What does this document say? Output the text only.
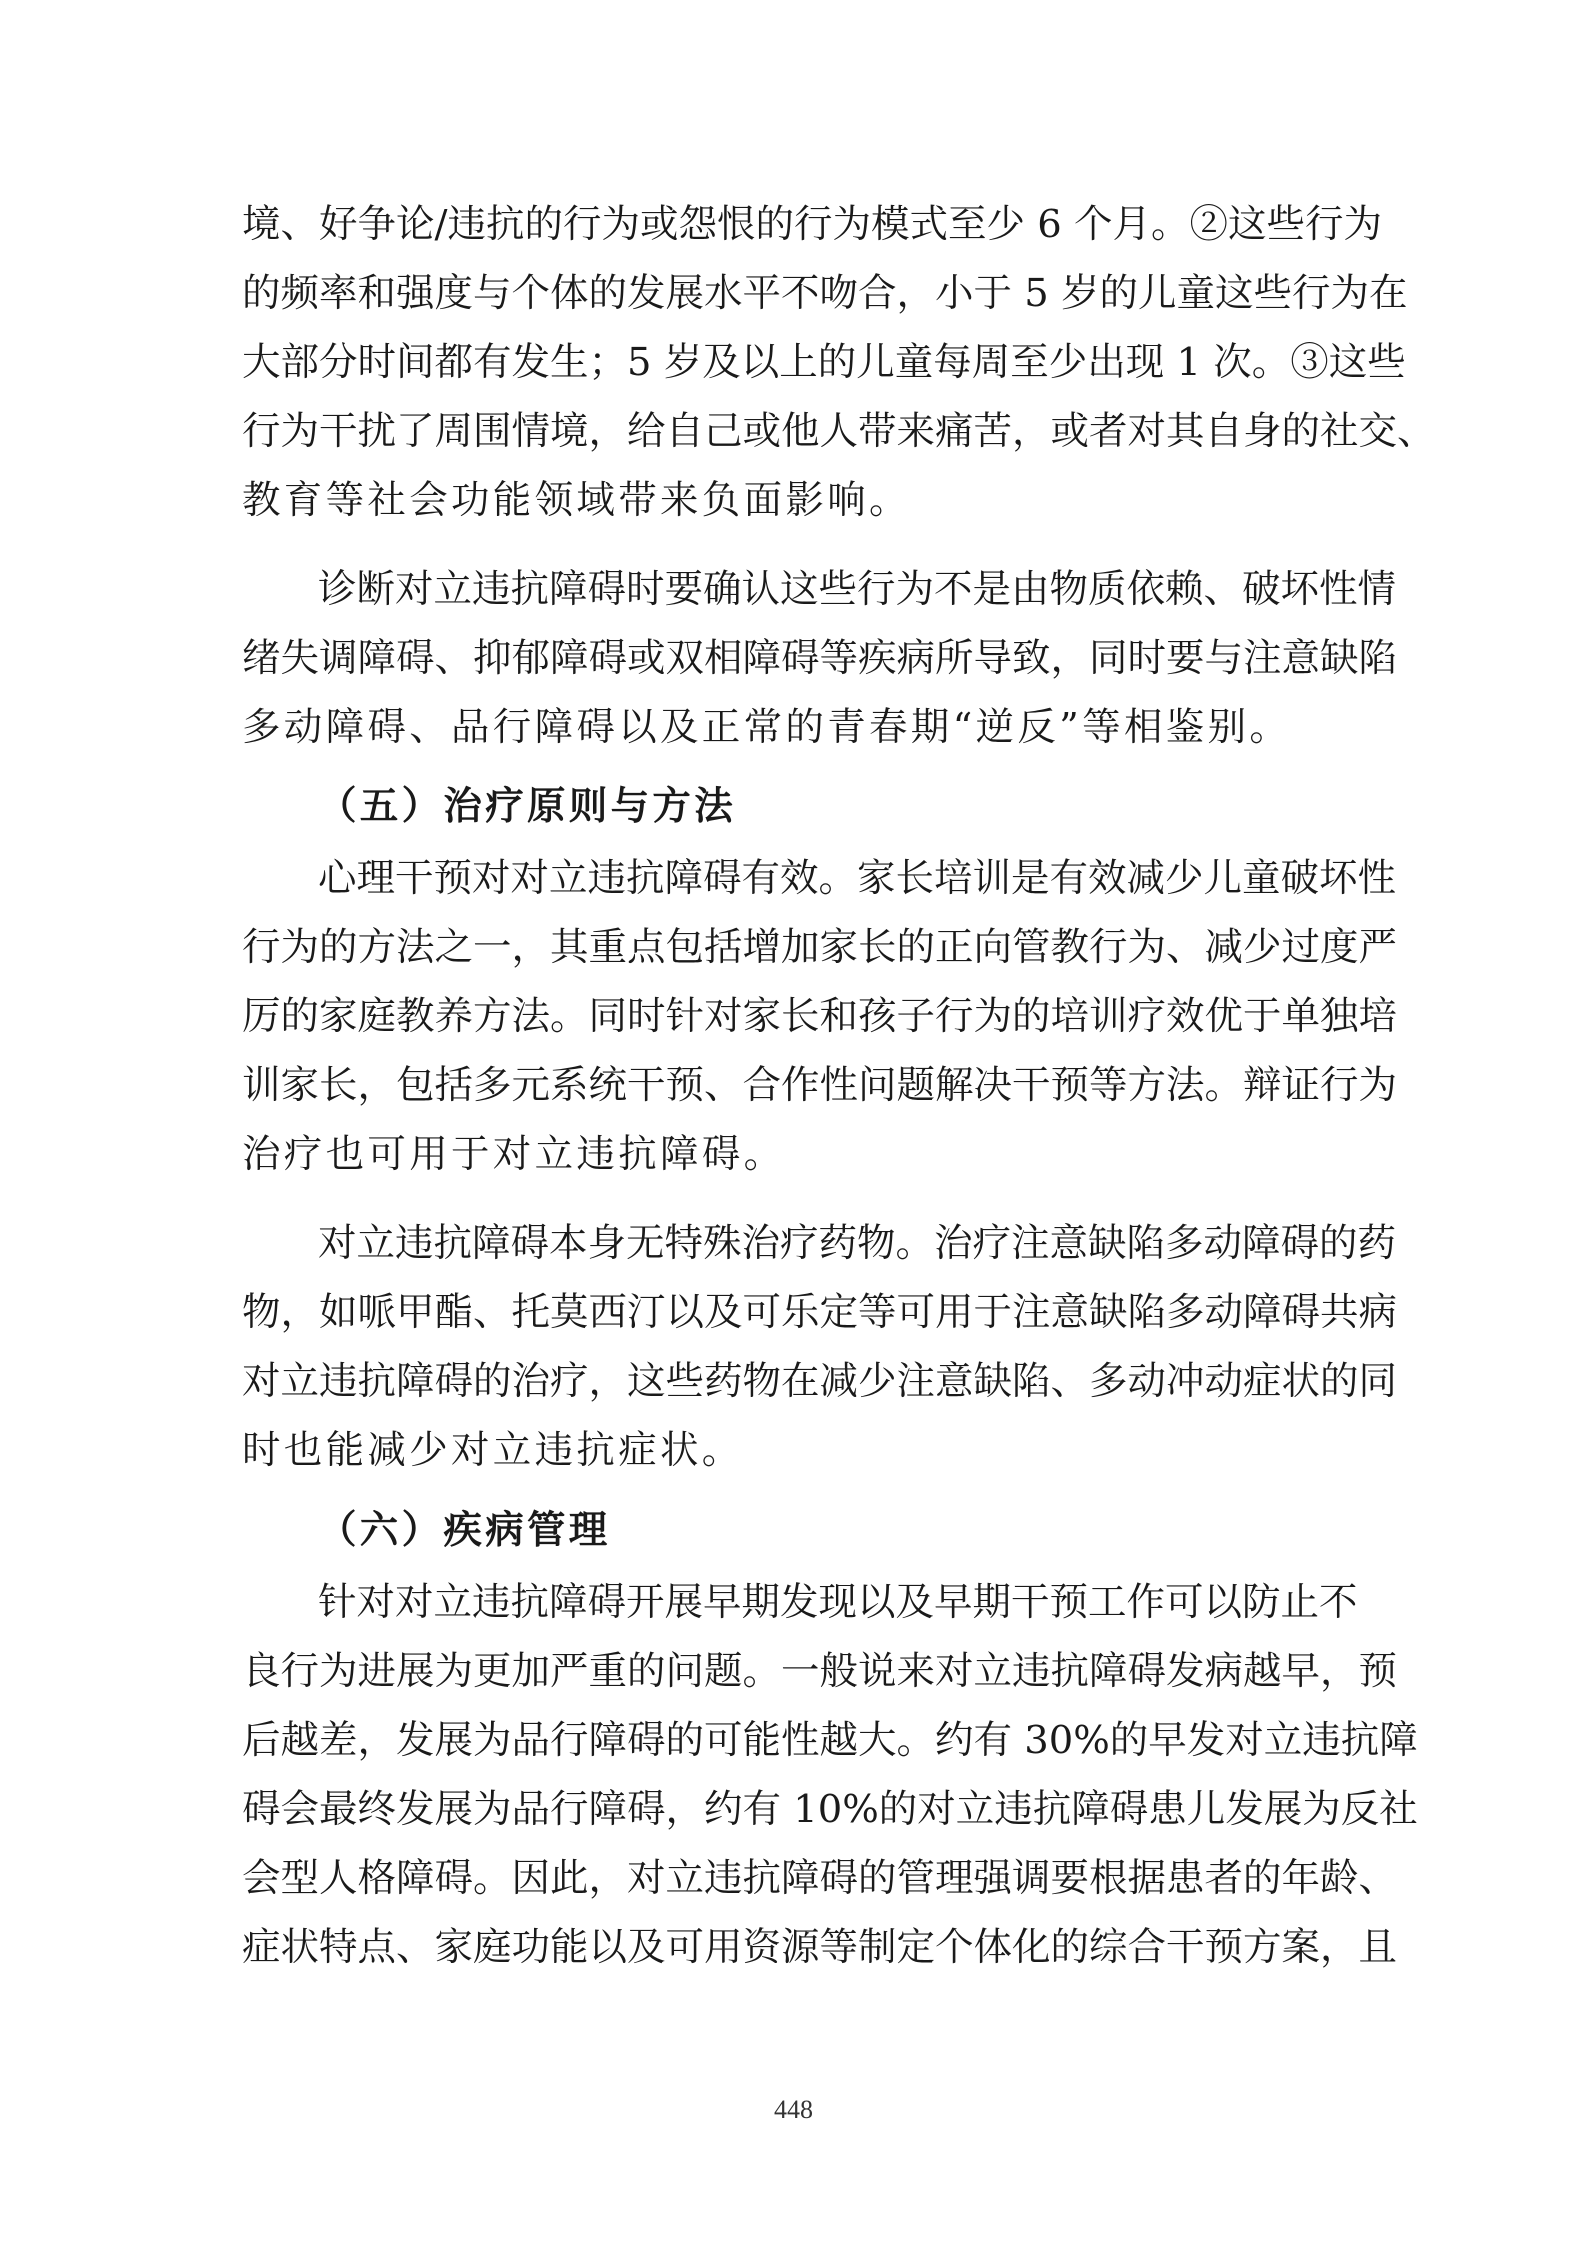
境、好争论/违抗的行为或怨恨的行为模式至少 6 个月。②这些行为
的频率和强度与个体的发展水平不吻合，小于 5 岁的儿童这些行为在
大部分时间都有发生；5 岁及以上的儿童每周至少出现 1 次。③这些
行为干扰了周围情境，给自己或他人带来痛苦，或者对其自身的社交、
教育等社会功能领域带来负面影响。
诊断对立违抗障碍时要确认这些行为不是由物质依赖、破坏性情
绪失调障碍、抑郁障碍或双相障碍等疾病所导致，同时要与注意缺陷
多动障碍、品行障碍以及正常的青春期“逆反”等相鉴别。
（五）治疗原则与方法
心理干预对对立违抗障碍有效。家长培训是有效减少儿童破坏性
行为的方法之一，其重点包括增加家长的正向管教行为、减少过度严
厉的家庭教养方法。同时针对家长和孩子行为的培训疗效优于单独培
训家长，包括多元系统干预、合作性问题解决干预等方法。辩证行为
治疗也可用于对立违抗障碍。
对立违抗障碍本身无特殊治疗药物。治疗注意缺陷多动障碍的药
物，如哌甲酯、托莫西汀以及可乐定等可用于注意缺陷多动障碍共病
对立违抗障碍的治疗，这些药物在减少注意缺陷、多动冲动症状的同
时也能减少对立违抗症状。
（六）疾病管理
针对对立违抗障碍开展早期发现以及早期干预工作可以防止不
良行为进展为更加严重的问题。一般说来对立违抗障碍发病越早，预
后越差，发展为品行障碍的可能性越大。约有 30%的早发对立违抗障
碍会最终发展为品行障碍，约有 10%的对立违抗障碍患儿发展为反社
会型人格障碍。因此，对立违抗障碍的管理强调要根据患者的年龄、
症状特点、家庭功能以及可用资源等制定个体化的综合干预方案，且
448
